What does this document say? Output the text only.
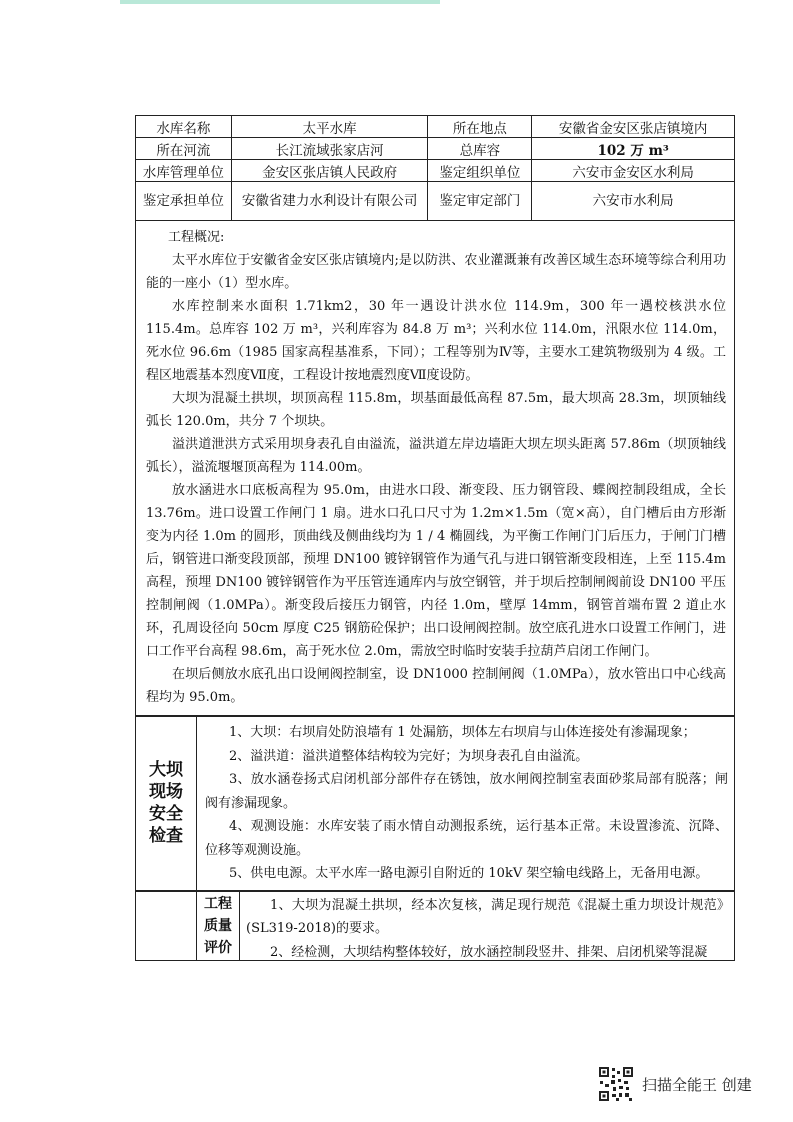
水库名称	太平水库	所在地点	安徽省金安区张店镇境内
所在河流	长江流域张家店河	总库容	102 万 m³
水库管理单位	金安区张店镇人民政府	鉴定组织单位	六安市金安区水利局
鉴定承担单位	安徽省建力水利设计有限公司	鉴定审定部门	六安市水利局

工程概况:

太平水库位于安徽省金安区张店镇境内;是以防洪、农业灌溉兼有改善区域生态环境等综合利用功能的一座小（1）型水库。

水库控制来水面积 1.71km2，30 年一遇设计洪水位 114.9m，300 年一遇校核洪水位 115.4m。总库容 102 万 m³，兴利库容为 84.8 万 m³；兴利水位 114.0m，汛限水位 114.0m，死水位 96.6m（1985 国家高程基准系，下同）；工程等别为Ⅳ等，主要水工建筑物级别为 4 级。工程区地震基本烈度Ⅶ度，工程设计按地震烈度Ⅶ度设防。

大坝为混凝土拱坝，坝顶高程 115.8m，坝基面最低高程 87.5m，最大坝高 28.3m，坝顶轴线弧长 120.0m，共分 7 个坝块。

溢洪道泄洪方式采用坝身表孔自由溢流，溢洪道左岸边墙距大坝左坝头距离 57.86m（坝顶轴线弧长），溢流堰堰顶高程为 114.00m。

放水涵进水口底板高程为 95.0m，由进水口段、渐变段、压力钢管段、蝶阀控制段组成，全长 13.76m。进口设置工作闸门 1 扇。进水口孔口尺寸为 1.2m×1.5m（宽×高），自门槽后由方形渐变为内径 1.0m 的圆形，顶曲线及侧曲线均为 1 / 4 椭圆线，为平衡工作闸门门后压力，于闸门门槽后，钢管进口渐变段顶部，预埋 DN100 镀锌钢管作为通气孔与进口钢管渐变段相连，上至 115.4m 高程，预埋 DN100 镀锌钢管作为平压管连通库内与放空钢管，并于坝后控制闸阀前设 DN100 平压控制闸阀（1.0MPa）。渐变段后接压力钢管，内径 1.0m，壁厚 14mm，钢管首端布置 2 道止水环，孔周设径向 50cm 厚度 C25 钢筋砼保护；出口设闸阀控制。放空底孔进水口设置工作闸门，进口工作平台高程 98.6m，高于死水位 2.0m，需放空时临时安装手拉葫芦启闭工作闸门。

在坝后侧放水底孔出口设闸阀控制室，设 DN1000 控制闸阀（1.0MPa），放水管出口中心线高程均为 95.0m。

大坝
现场
安全
检查

1、大坝：右坝肩处防浪墙有 1 处漏筋，坝体左右坝肩与山体连接处有渗漏现象；

2、溢洪道：溢洪道整体结构较为完好；为坝身表孔自由溢流。

3、放水涵卷扬式启闭机部分部件存在锈蚀，放水闸阀控制室表面砂浆局部有脱落；闸阀有渗漏现象。

4、观测设施：水库安装了雨水情自动测报系统，运行基本正常。未设置渗流、沉降、位移等观测设施。

5、供电电源。太平水库一路电源引自附近的 10kV 架空输电线路上，无备用电源。

工程
质量
评价

1、大坝为混凝土拱坝，经本次复核，满足现行规范《混凝土重力坝设计规范》(SL319-2018)的要求。

2、经检测，大坝结构整体较好，放水涵控制段竖井、排架、启闭机梁等混凝

扫描全能王 创建
